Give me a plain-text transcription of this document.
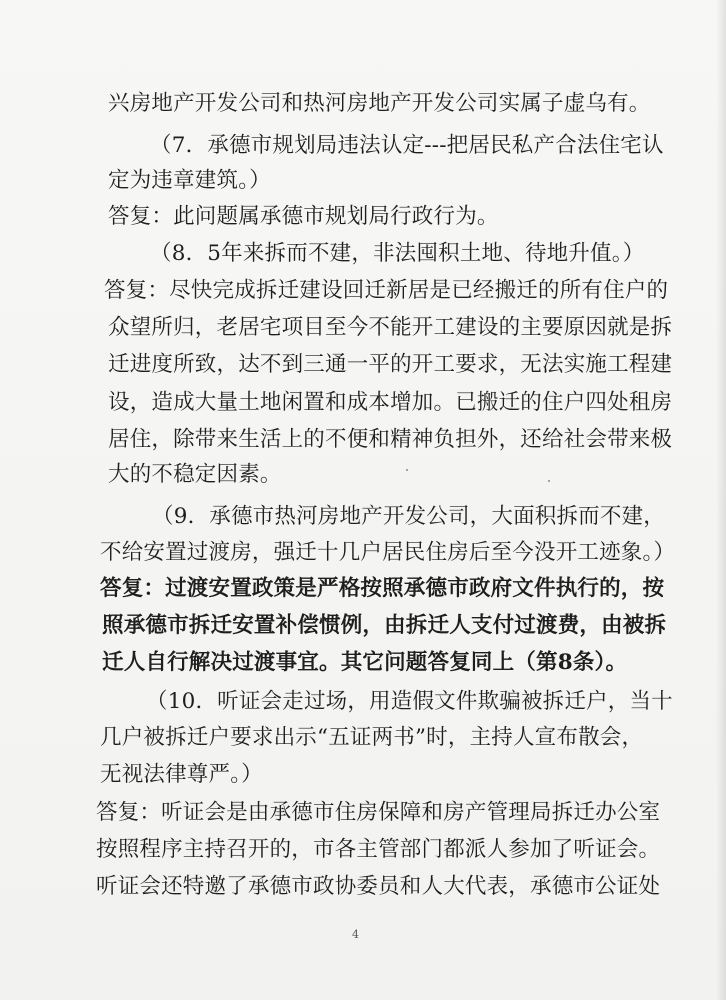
兴房地产开发公司和热河房地产开发公司实属子虚乌有。
（7．承德市规划局违法认定---把居民私产合法住宅认
定为违章建筑。）
答复：此问题属承德市规划局行政行为。
（8．5年来拆而不建，非法囤积土地、待地升值。）
答复：尽快完成拆迁建设回迁新居是已经搬迁的所有住户的
众望所归，老居宅项目至今不能开工建设的主要原因就是拆
迁进度所致，达不到三通一平的开工要求，无法实施工程建
设，造成大量土地闲置和成本增加。已搬迁的住户四处租房
居住，除带来生活上的不便和精神负担外，还给社会带来极
大的不稳定因素。
（9．承德市热河房地产开发公司，大面积拆而不建，
不给安置过渡房，强迁十几户居民住房后至今没开工迹象。）
答复：过渡安置政策是严格按照承德市政府文件执行的，按
照承德市拆迁安置补偿惯例，由拆迁人支付过渡费，由被拆
迁人自行解决过渡事宜。其它问题答复同上（第8条）。
（10．听证会走过场，用造假文件欺骗被拆迁户，当十
几户被拆迁户要求出示“五证两书”时，主持人宣布散会，
无视法律尊严。）
答复：听证会是由承德市住房保障和房产管理局拆迁办公室
按照程序主持召开的，市各主管部门都派人参加了听证会。
听证会还特邀了承德市政协委员和人大代表，承德市公证处
4
